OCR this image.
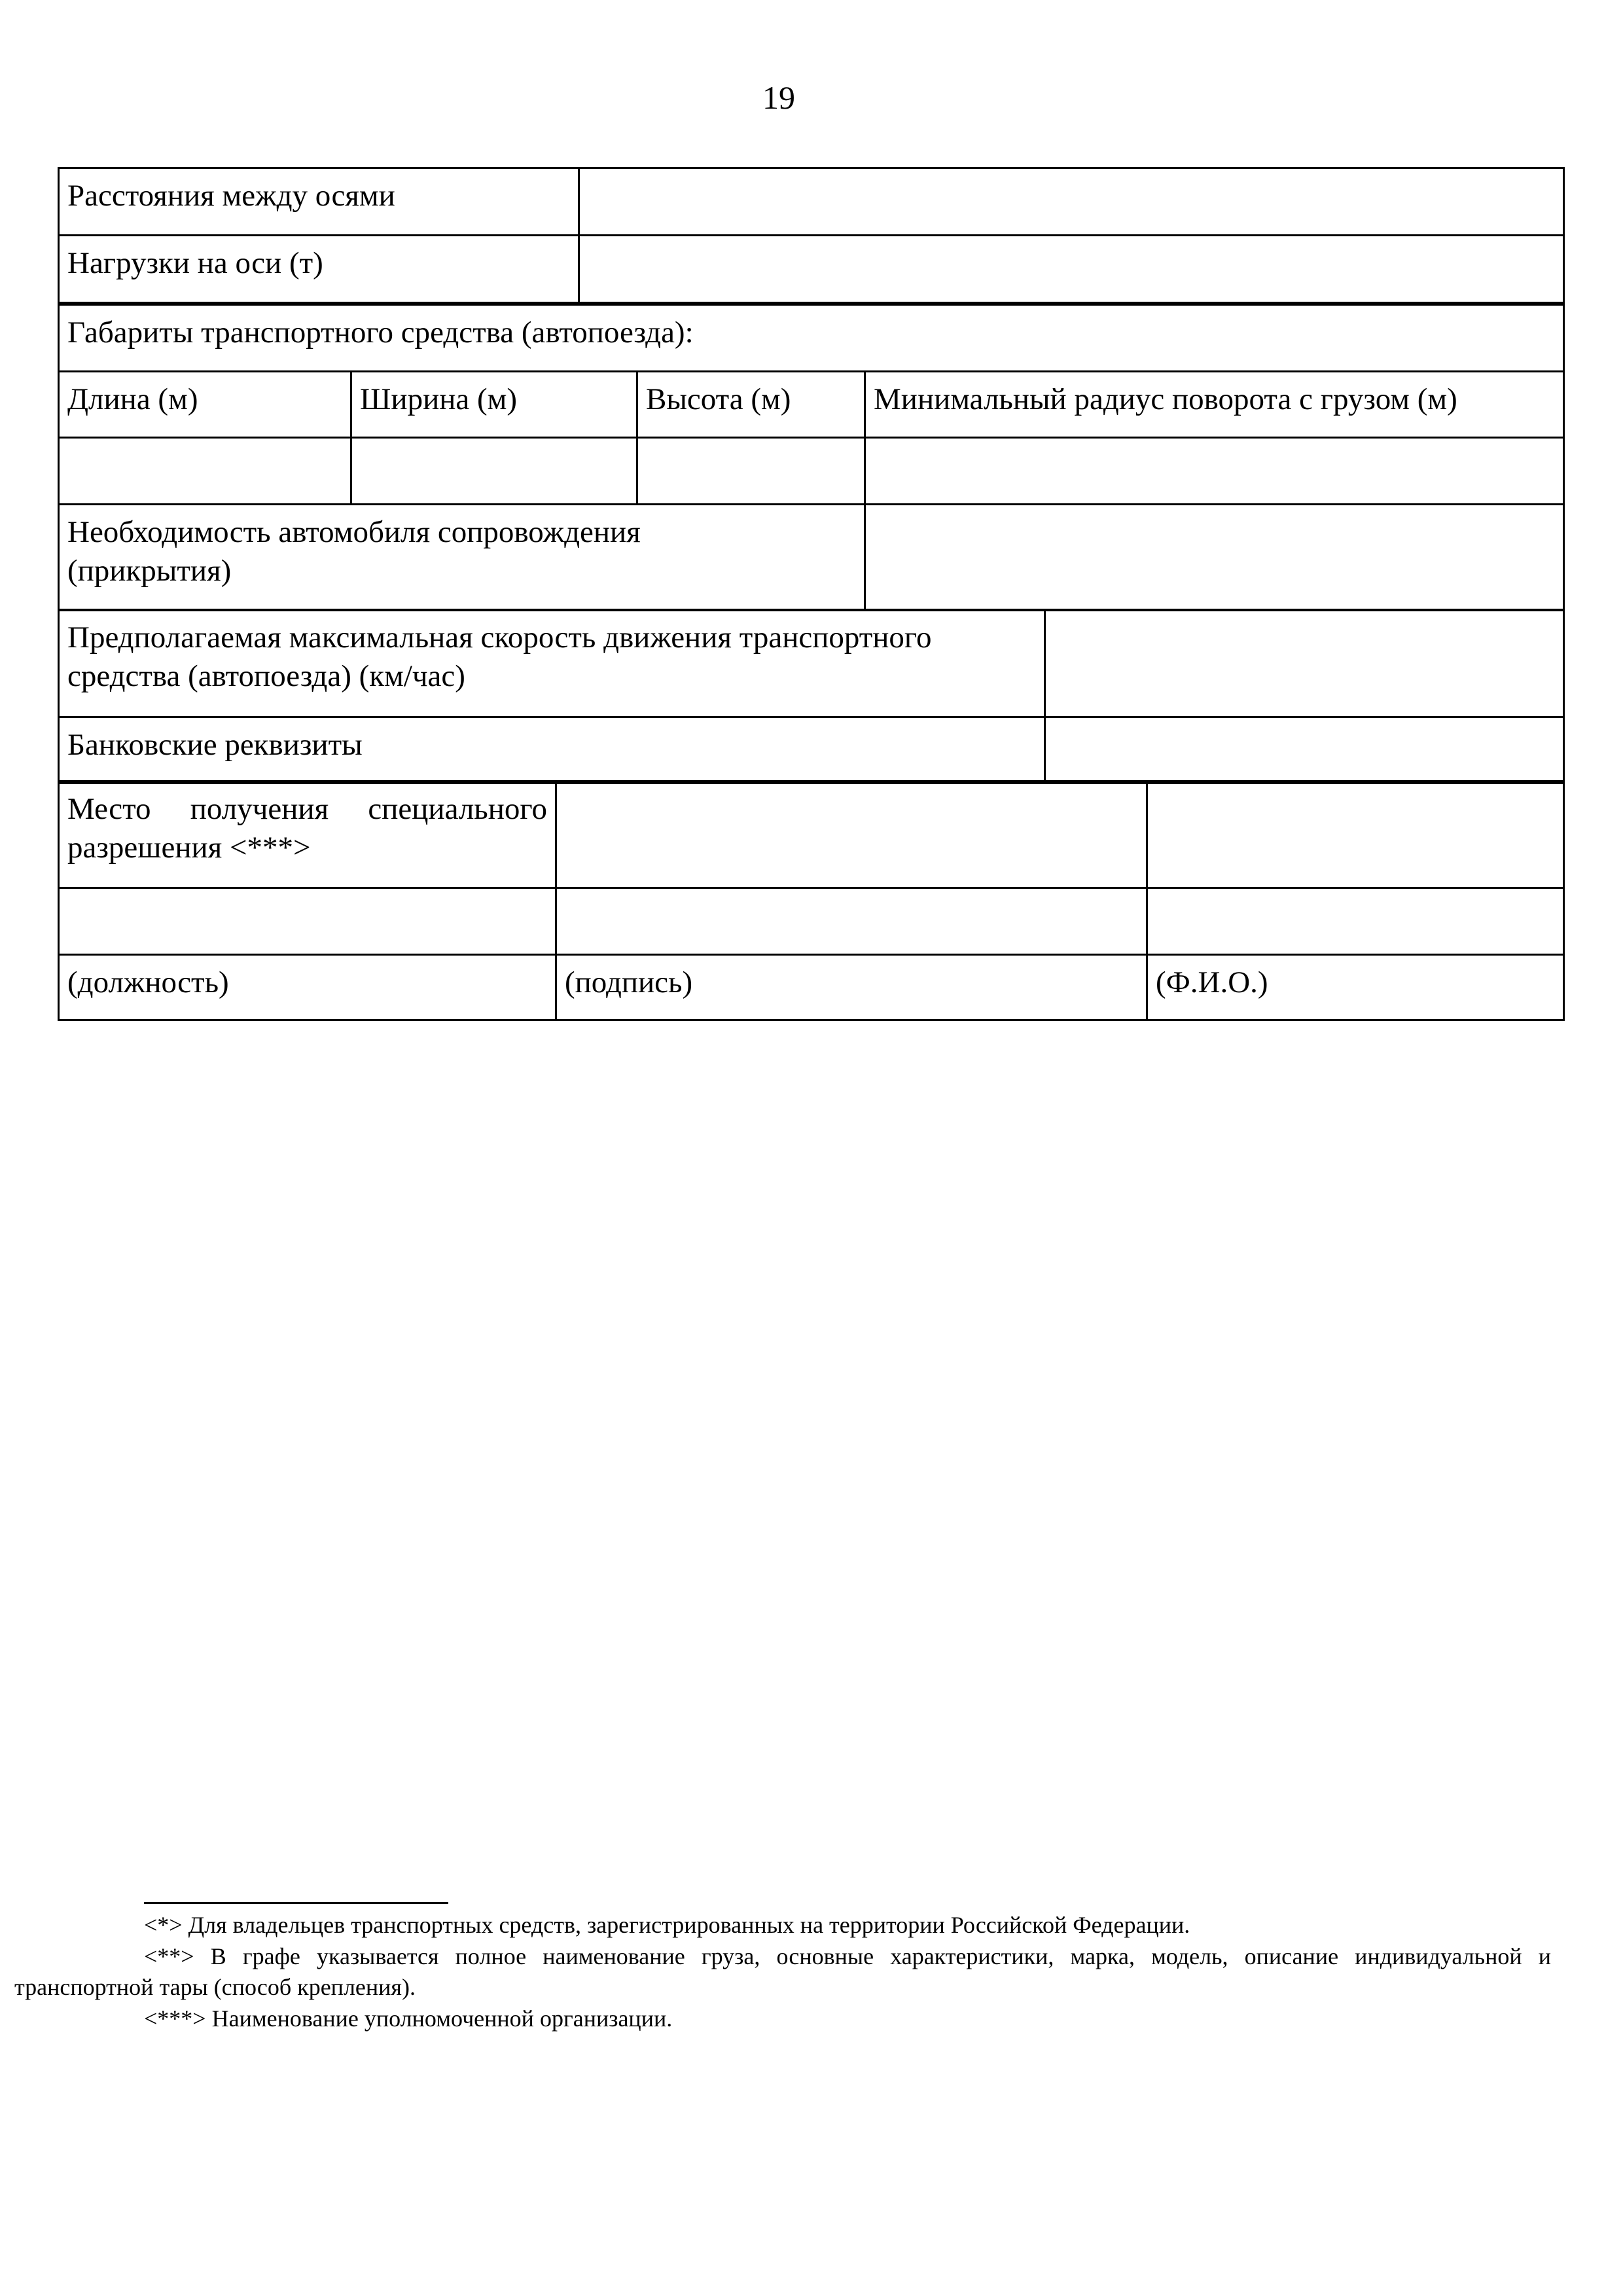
19
Расстояния между осями	
Нагрузки на оси (т)	
Габариты транспортного средства (автопоезда):			
Длина (м)	Ширина (м)	Высота (м)	Минимальный радиус поворота с грузом (м)

Необходимость автомобиля сопровождения
(прикрытия)			

Предполагаемая максимальная скорость движения транспортного
средства (автопоезда) (км/час)	

Банковские реквизиты	
Место получения специального
разрешения <***>		

(должность)	(подпись)	(Ф.И.О.)

<*> Для владельцев транспортных средств, зарегистрированных на территории Российской Федерации.

<**> В графе указывается полное наименование груза, основные характеристики, марка, модель, описание индивидуальной и транспортной тары (способ крепления).

<***> Наименование уполномоченной организации.
